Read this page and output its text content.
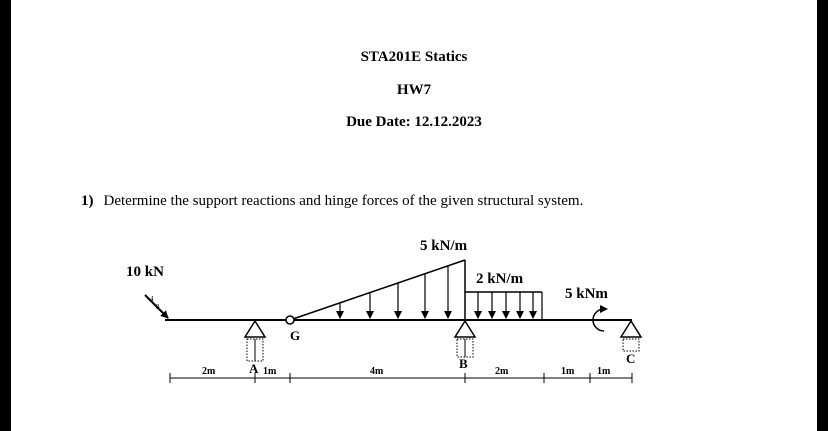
STA201E Statics
HW7
Due Date: 12.12.2023
1) Determine the support reactions and hinge forces of the given structural system.
4
3
10 kN
5 kN/m
2 kN/m
5 kNm
A
G
B	C
2m	1m	4m	2m	1m 1m
